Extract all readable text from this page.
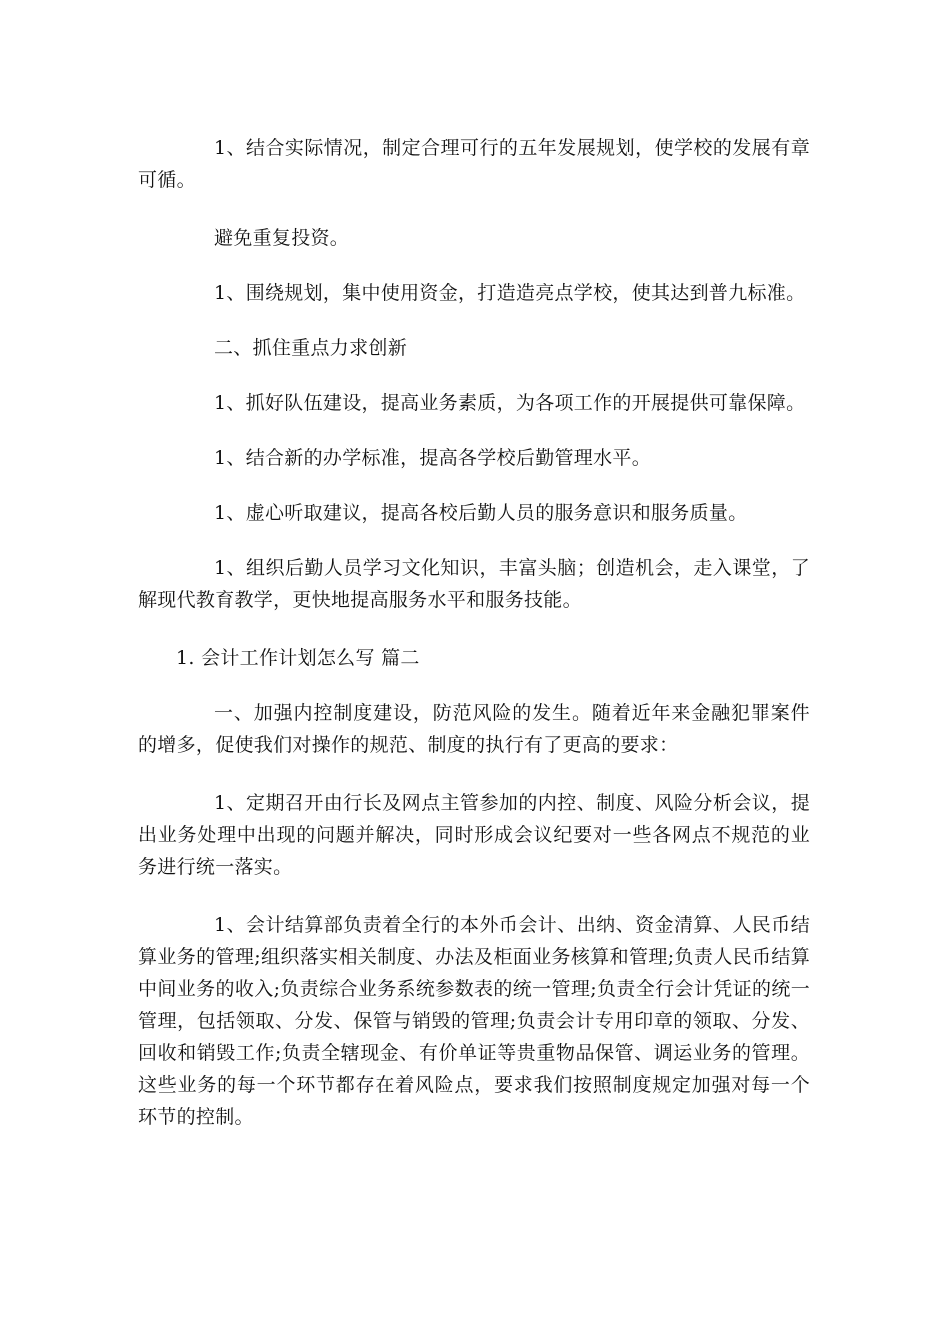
1、结合实际情况，制定合理可行的五年发展规划，使学校的发展有章可循。

避免重复投资。

1、围绕规划，集中使用资金，打造造亮点学校，使其达到普九标准。

二、抓住重点力求创新

1、抓好队伍建设，提高业务素质，为各项工作的开展提供可靠保障。

1、结合新的办学标准，提高各学校后勤管理水平。

1、虚心听取建议，提高各校后勤人员的服务意识和服务质量。

1、组织后勤人员学习文化知识，丰富头脑；创造机会，走入课堂，了解现代教育教学，更快地提高服务水平和服务技能。

1. 会计工作计划怎么写 篇二

一、加强内控制度建设，防范风险的发生。随着近年来金融犯罪案件的增多，促使我们对操作的规范、制度的执行有了更高的要求：

1、定期召开由行长及网点主管参加的内控、制度、风险分析会议，提出业务处理中出现的问题并解决，同时形成会议纪要对一些各网点不规范的业务进行统一落实。

1、会计结算部负责着全行的本外币会计、出纳、资金清算、人民币结算业务的管理;组织落实相关制度、办法及柜面业务核算和管理;负责人民币结算中间业务的收入;负责综合业务系统参数表的统一管理;负责全行会计凭证的统一管理，包括领取、分发、保管与销毁的管理;负责会计专用印章的领取、分发、回收和销毁工作;负责全辖现金、有价单证等贵重物品保管、调运业务的管理。这些业务的每一个环节都存在着风险点，要求我们按照制度规定加强对每一个环节的控制。
